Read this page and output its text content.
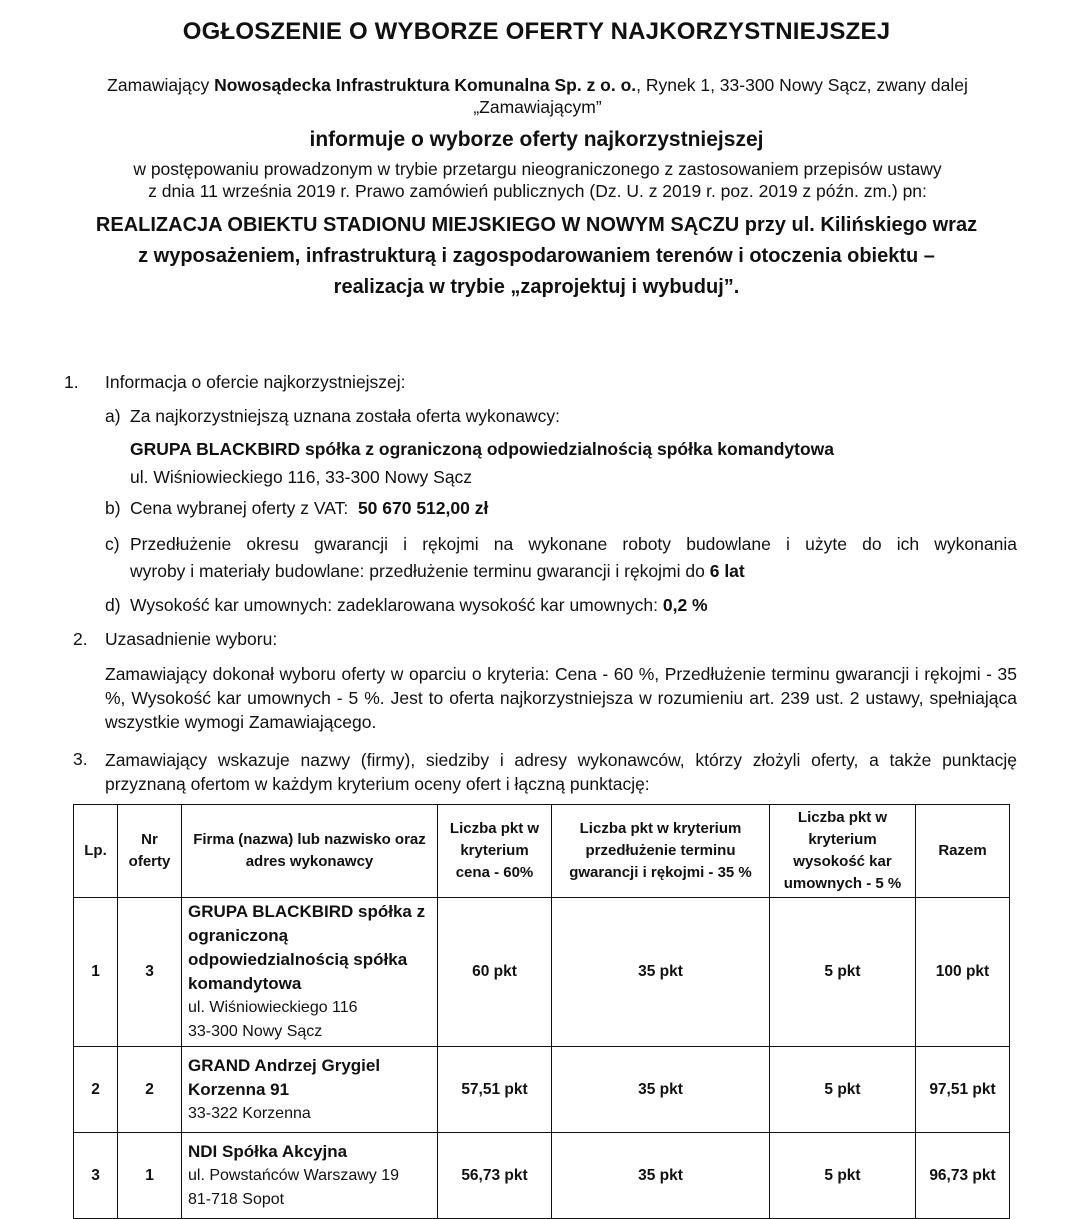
OGŁOSZENIE O WYBORZE OFERTY NAJKORZYSTNIEJSZEJ
Zamawiający Nowosądecka Infrastruktura Komunalna Sp. z o. o., Rynek 1, 33-300 Nowy Sącz, zwany dalej „Zamawiającym”
informuje o wyborze oferty najkorzystniejszej
w postępowaniu prowadzonym w trybie przetargu nieograniczonego z zastosowaniem przepisów ustawy
z dnia 11 września 2019 r. Prawo zamówień publicznych (Dz. U. z 2019 r. poz. 2019 z późn. zm.) pn:
REALIZACJA OBIEKTU STADIONU MIEJSKIEGO W NOWYM SĄCZU przy ul. Kilińskiego wraz
z wyposażeniem, infrastrukturą i zagospodarowaniem terenów i otoczenia obiektu –
realizacja w trybie „zaprojektuj i wybuduj”.
1. Informacja o ofercie najkorzystniejszej:
a) Za najkorzystniejszą uznana została oferta wykonawcy:
GRUPA BLACKBIRD spółka z ograniczoną odpowiedzialnością spółka komandytowa
ul. Wiśniowieckiego 116, 33-300 Nowy Sącz
b) Cena wybranej oferty z VAT: 50 670 512,00 zł
c) Przedłużenie okresu gwarancji i rękojmi na wykonane roboty budowlane i użyte do ich wykonania
wyroby i materiały budowlane: przedłużenie terminu gwarancji i rękojmi do 6 lat
d) Wysokość kar umownych: zadeklarowana wysokość kar umownych: 0,2 %
2. Uzasadnienie wyboru:
Zamawiający dokonał wyboru oferty w oparciu o kryteria: Cena - 60 %, Przedłużenie terminu gwarancji i rękojmi - 35 %, Wysokość kar umownych - 5 %. Jest to oferta najkorzystniejsza w rozumieniu art. 239 ust. 2 ustawy, spełniająca wszystkie wymogi Zamawiającego.
3. Zamawiający wskazuje nazwy (firmy), siedziby i adresy wykonawców, którzy złożyli oferty, a także punktację przyznaną ofertom w każdym kryterium oceny ofert i łączną punktację:
Lp.	Nr oferty	Firma (nazwa) lub nazwisko oraz adres wykonawcy	Liczba pkt w kryterium cena - 60%	Liczba pkt w kryterium przedłużenie terminu gwarancji i rękojmi - 35 %	Liczba pkt w kryterium wysokość kar umownych - 5 %	Razem
1	3	GRUPA BLACKBIRD spółka z ograniczoną odpowiedzialnością spółka komandytowa
ul. Wiśniowieckiego 116
33-300 Nowy Sącz	60 pkt	35 pkt	5 pkt	100 pkt
2	2	GRAND Andrzej Grygiel Korzenna 91
33-322 Korzenna	57,51 pkt	35 pkt	5 pkt	97,51 pkt
3	1	NDI Spółka Akcyjna
ul. Powstańców Warszawy 19
81-718 Sopot	56,73 pkt	35 pkt	5 pkt	96,73 pkt
